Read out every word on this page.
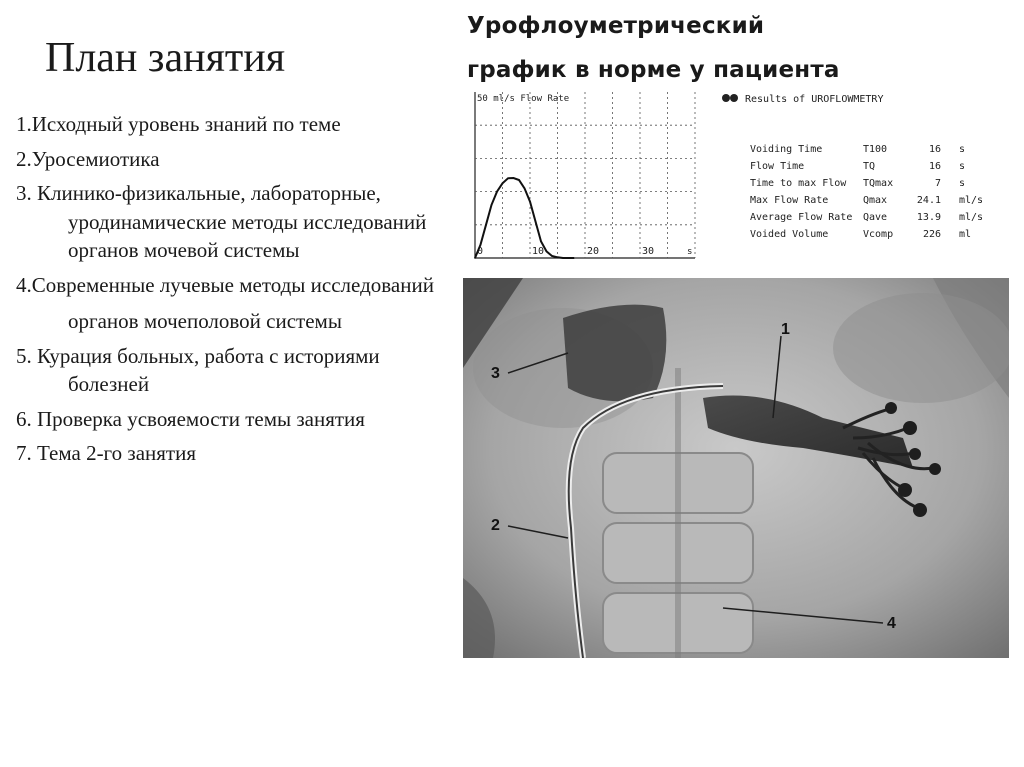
План занятия
Урофлоуметрический
график в норме у пациента
1.Исходный уровень знаний по теме
2.Уросемиотика
3. Клинико-физикальные, лабораторные, уродинамические методы исследований органов мочевой системы
4.Современные лучевые методы исследований
органов мочеполовой системы
5. Курация больных, работа с историями болезней
6. Проверка усвояемости темы занятия
7. Тема 2-го занятия
0	10	20	30
50 ml/s Flow Rate
s
Results of UROFLOWMETRY
Voiding Time	T100	16 s
Flow Time	TQ	16 s
Time to max Flow TQmax	7 s
Max Flow Rate	Qmax	24.1 ml/s
Average Flow Rate Qave	13.9 ml/s
Voided Volume	Vcomp	226 ml
1
2
3
4
